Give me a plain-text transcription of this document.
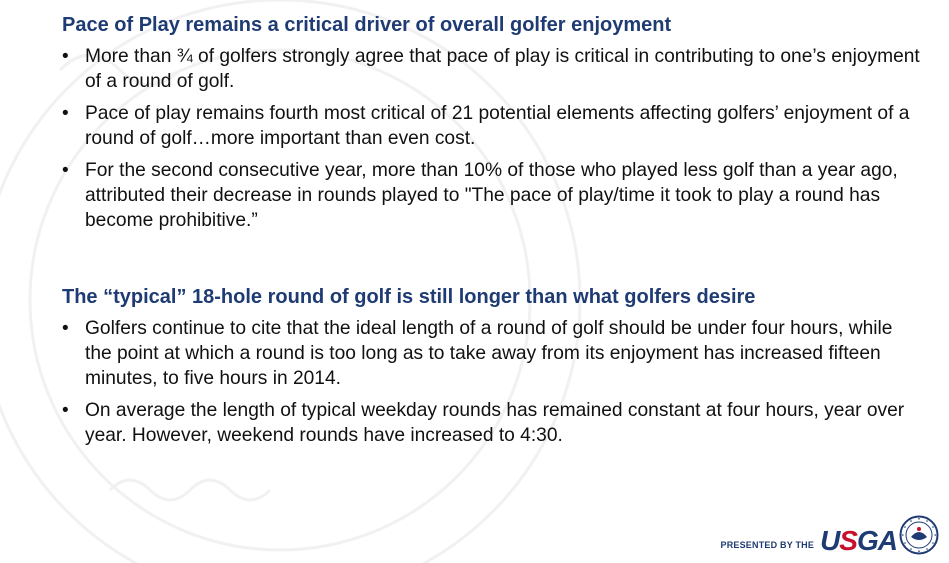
Pace of Play remains a critical driver of overall golfer enjoyment
• More than ¾ of golfers strongly agree that pace of play is critical in contributing to one’s enjoyment of a round of golf.
• Pace of play remains fourth most critical of 21 potential elements affecting golfers’ enjoyment of a round of golf…more important than even cost.
• For the second consecutive year, more than 10% of those who played less golf than a year ago, attributed their decrease in rounds played to "The pace of play/time it took to play a round has become prohibitive.”
The “typical” 18-hole round of golf is still longer than what golfers desire
• Golfers continue to cite that the ideal length of a round of golf should be under four hours, while the point at which a round is too long as to take away from its enjoyment has increased fifteen minutes, to five hours in 2014.
• On average the length of typical weekday rounds has remained constant at four hours, year over year. However, weekend rounds have increased to 4:30.
PRESENTED BY THE U S G A
